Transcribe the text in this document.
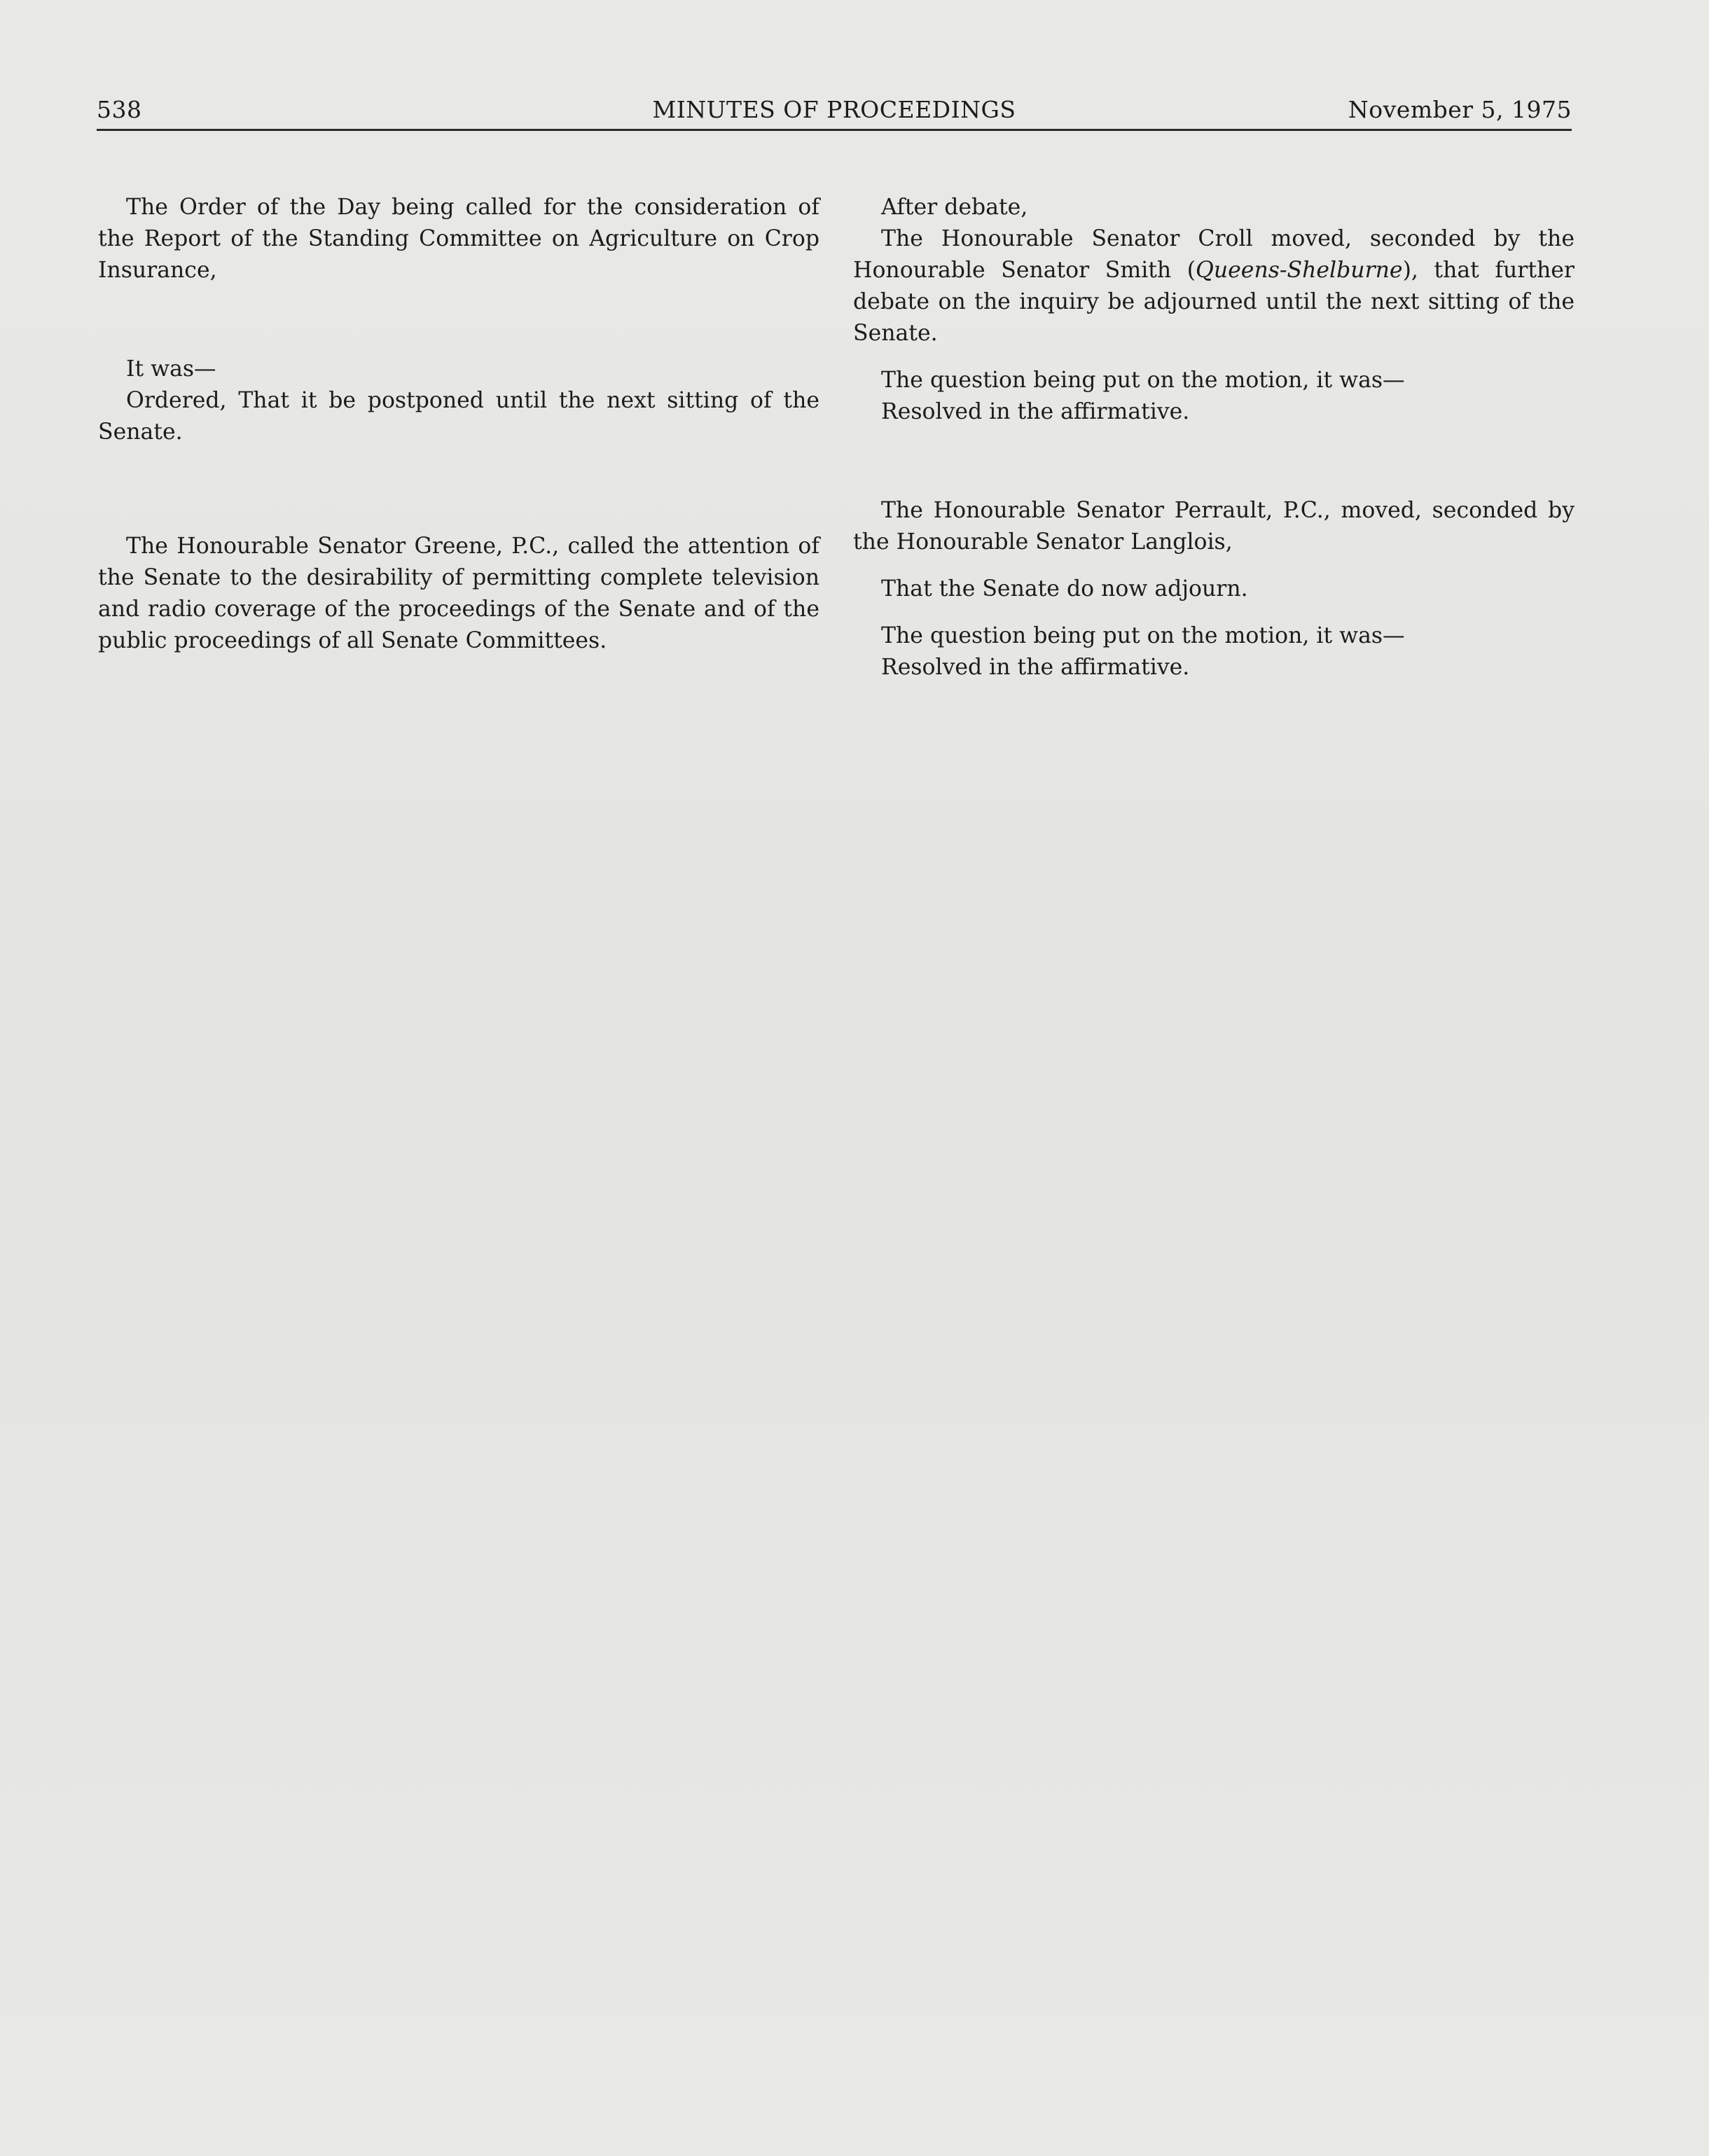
538	MINUTES OF PROCEEDINGS	November 5, 1975

The Order of the Day being called for the consideration of the Report of the Standing Committee on Agriculture on Crop Insurance,

It was—

Ordered, That it be postponed until the next sitting of the Senate.

The Honourable Senator Greene, P.C., called the attention of the Senate to the desirability of permitting complete television and radio coverage of the proceedings of the Senate and of the public proceedings of all Senate Committees.

After debate,

The Honourable Senator Croll moved, seconded by the Honourable Senator Smith (Queens-Shelburne), that further debate on the inquiry be adjourned until the next sitting of the Senate.

The question being put on the motion, it was—

Resolved in the affirmative.

The Honourable Senator Perrault, P.C., moved, seconded by the Honourable Senator Langlois,

That the Senate do now adjourn.

The question being put on the motion, it was—

Resolved in the affirmative.
